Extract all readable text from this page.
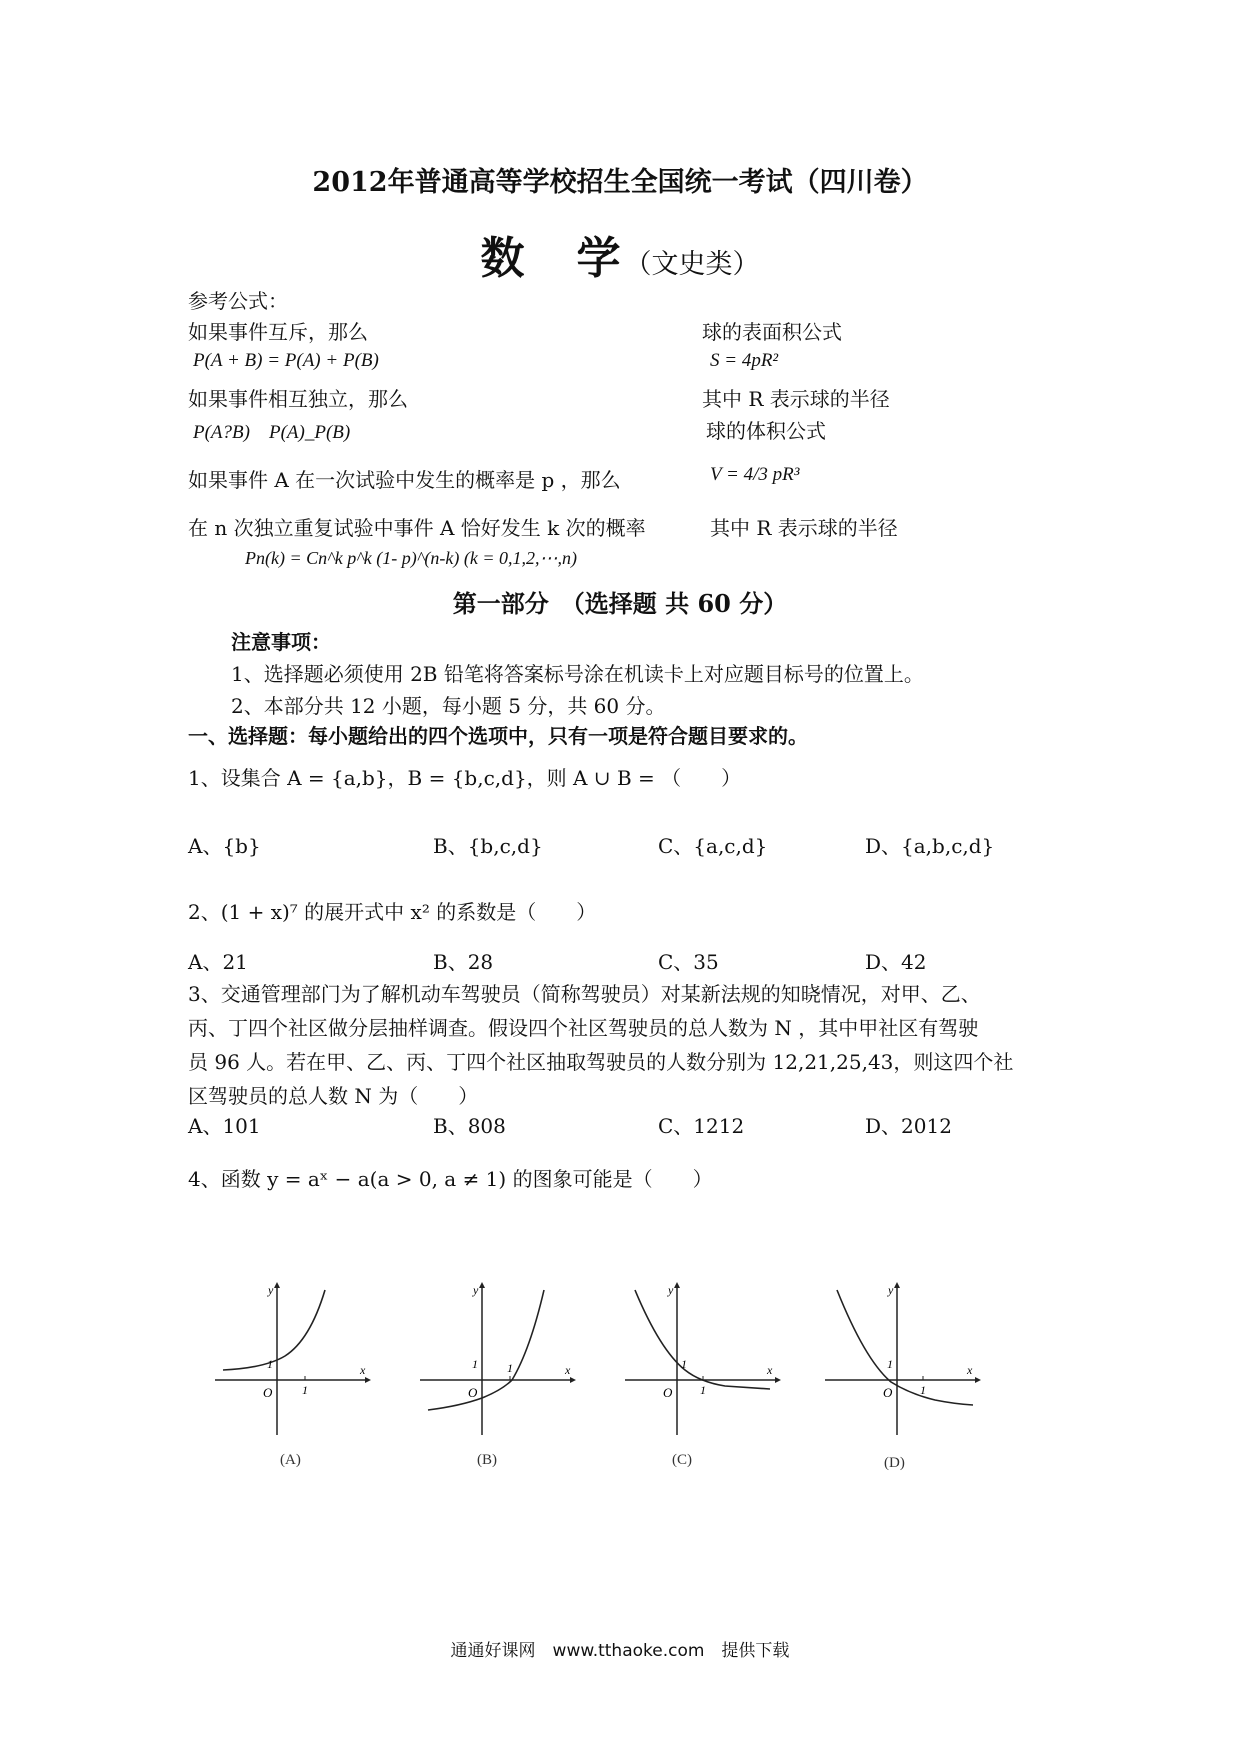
2012年普通高等学校招生全国统一考试（四川卷）
数　学（文史类）
参考公式：
如果事件互斥，那么
P(A + B) = P(A) + P(B)
如果事件相互独立，那么
P(A?B)　P(A)_P(B)
如果事件 A 在一次试验中发生的概率是 p ，那么
在 n 次独立重复试验中事件 A 恰好发生 k 次的概率
Pn(k) = Cn^k p^k (1- p)^(n-k) (k = 0,1,2,⋯,n)
球的表面积公式
S = 4pR²
其中 R 表示球的半径
球的体积公式
V = 4/3 pR³
其中 R 表示球的半径
第一部分　（选择题 共 60 分）
注意事项：
1、选择题必须使用 2B 铅笔将答案标号涂在机读卡上对应题目标号的位置上。
2、本部分共 12 小题，每小题 5 分，共 60 分。
一、选择题：每小题给出的四个选项中，只有一项是符合题目要求的。
1、设集合 A = {a,b}，B = {b,c,d}，则 A ∪ B = （　　）
A、{b}	B、{b,c,d}	C、{a,c,d}	D、{a,b,c,d}
2、(1 + x)⁷ 的展开式中 x² 的系数是（　　）
A、21	B、28	C、35	D、42
3、交通管理部门为了解机动车驾驶员（简称驾驶员）对某新法规的知晓情况，对甲、乙、
丙、丁四个社区做分层抽样调查。假设四个社区驾驶员的总人数为 N ，其中甲社区有驾驶
员 96 人。若在甲、乙、丙、丁四个社区抽取驾驶员的人数分别为 12,21,25,43，则这四个社
区驾驶员的总人数 N 为（　　）
A、101	B、808	C、1212	D、2012
4、函数 y = aˣ − a(a > 0, a ≠ 1) 的图象可能是（　　）
x
y
O 1
1
(A)
x
y
O
1
1
(B)
x
y
O 1
1
(C)
x
y
O 1
1
(D)
通通好课网　www.tthaoke.com　提供下载
